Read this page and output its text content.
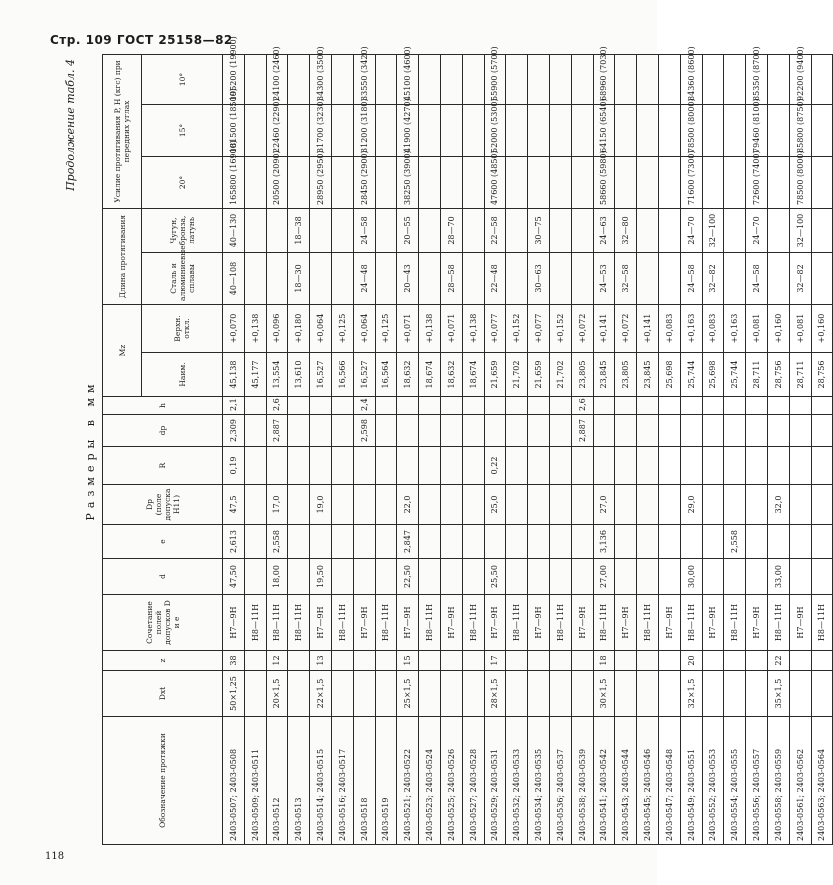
Стр. 109 ГОСТ 25158—82
118
Продолжение табл. 4
Размеры в мм
Обозначение протяжки	Dxt	z	Сочетание полей допусков D и e	d	e	Dр (поле допуска H11)	R	dр	h	Мz		Длина протягивания		Усилие протягивания P, Н (кгс) при передних углах		

										Наим.	Верхн. откл.	Сталь и алюминиевые сплавы	Чугун, бронза, латунь	20°	15°	10°
2403-0507; 2403-0508	50×1,25	38	H7—9H	47,50	2,613	47,5	0,19	2,309	2,1	45,138	+0,070	40—108	40—130	165800 (16900)	181500 (18500)	195200 (19900)
2403-0509; 2403-0511			H8—11H							45,177	+0,138					
2403-0512	20×1,5	12	H8—11H	18,00	2,558	17,0		2,887	2,6	13,554	+0,096			20500 (2090)	22460 (2290)	24100 (2460)
2403-0513			H8—11H							13,610	+0,180	18—30	18—38			
2403-0514; 2403-0515	22×1,5	13	H7—9H	19,50		19,0				16,527	+0,064			28950 (2950)	31700 (3230)	34300 (3500)
2403-0516; 2403-0517			H8—11H							16,566	+0,125					
2403-0518			H7—9H					2,598	2,4	16,527	+0,064	24—48	24—58	28450 (2900)	31200 (3180)	33550 (3420)
2403-0519			H8—11H							16,564	+0,125					
2403-0521; 2403-0522	25×1,5	15	H7—9H	22,50	2,847	22,0				18,632	+0,071	20—43	20—55	38250 (3900)	41900 (4270)	45100 (4600)
2403-0523; 2403-0524			H8—11H							18,674	+0,138					
2403-0525; 2403-0526			H7—9H							18,632	+0,071	28—58	28—70			
2403-0527; 2403-0528			H8—11H							18,674	+0,138					
2403-0529; 2403-0531	28×1,5	17	H7—9H	25,50		25,0	0,22			21,659	+0,077	22—48	22—58	47600 (4850)	52000 (5300)	55900 (5700)
2403-0532; 2403-0533			H8—11H							21,702	+0,152					
2403-0534; 2403-0535			H7—9H							21,659	+0,077	30—63	30—75			
2403-0536; 2403-0537			H8—11H							21,702	+0,152					
2403-0538; 2403-0539			H7—9H					2,887	2,6	23,805	+0,072					
2403-0541; 2403-0542	30×1,5	18	H8—11H	27,00	3,136	27,0				23,845	+0,141	24—53	24—63	58660 (5980)	64150 (6540)	68960 (7030)
2403-0543; 2403-0544			H7—9H							23,805	+0,072	32—58	32—80			
2403-0545; 2403-0546			H8—11H							23,845	+0,141					
2403-0547; 2403-0548			H7—9H							25,698	+0,083					
2403-0549; 2403-0551	32×1,5	20	H8—11H	30,00		29,0				25,744	+0,163	24—58	24—70	71600 (7300)	78500 (8000)	84360 (8600)
2403-0552; 2403-0553			H7—9H							25,698	+0,083	32—82	32—100			
2403-0554; 2403-0555			H8—11H		2,558					25,744	+0,163					
2403-0556; 2403-0557			H7—9H							28,711	+0,081	24—58	24—70	72600 (7400)	79460 (8100)	85350 (8700)
2403-0558; 2403-0559	35×1,5	22	H8—11H	33,00		32,0				28,756	+0,160					
2403-0561; 2403-0562			H7—9H							28,711	+0,081	32—82	32—100	78500 (8000)	85800 (8750)	92200 (9400)
2403-0563; 2403-0564			H8—11H							28,756	+0,160					
